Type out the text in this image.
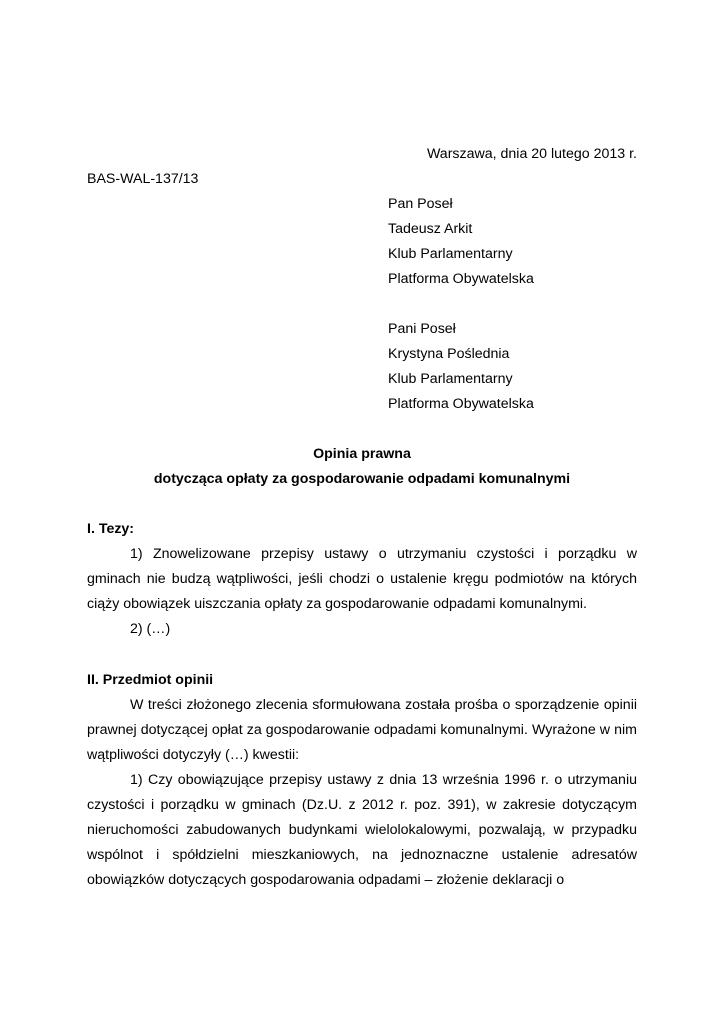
Warszawa, dnia 20 lutego 2013 r.
BAS-WAL-137/13
Pan Poseł
Tadeusz Arkit
Klub Parlamentarny
Platforma Obywatelska
Pani Poseł
Krystyna Poślednia
Klub Parlamentarny
Platforma Obywatelska
Opinia prawna
dotycząca opłaty za gospodarowanie odpadami komunalnymi
I. Tezy:

1) Znowelizowane przepisy ustawy o utrzymaniu czystości i porządku w gminach nie budzą wątpliwości, jeśli chodzi o ustalenie kręgu podmiotów na których ciąży obowiązek uiszczania opłaty za gospodarowanie odpadami komunalnymi.

2) (…)

II. Przedmiot opinii

W treści złożonego zlecenia sformułowana została prośba o sporządzenie opinii prawnej dotyczącej opłat za gospodarowanie odpadami komunalnymi. Wyrażone w nim wątpliwości dotyczyły (…) kwestii:

1) Czy obowiązujące przepisy ustawy z dnia 13 września 1996 r. o utrzymaniu czystości i porządku w gminach (Dz.U. z 2012 r. poz. 391), w zakresie dotyczącym nieruchomości zabudowanych budynkami wielolokalowymi, pozwalają, w przypadku wspólnot i spółdzielni mieszkaniowych, na jednoznaczne ustalenie adresatów obowiązków dotyczących gospodarowania odpadami – złożenie deklaracji o
